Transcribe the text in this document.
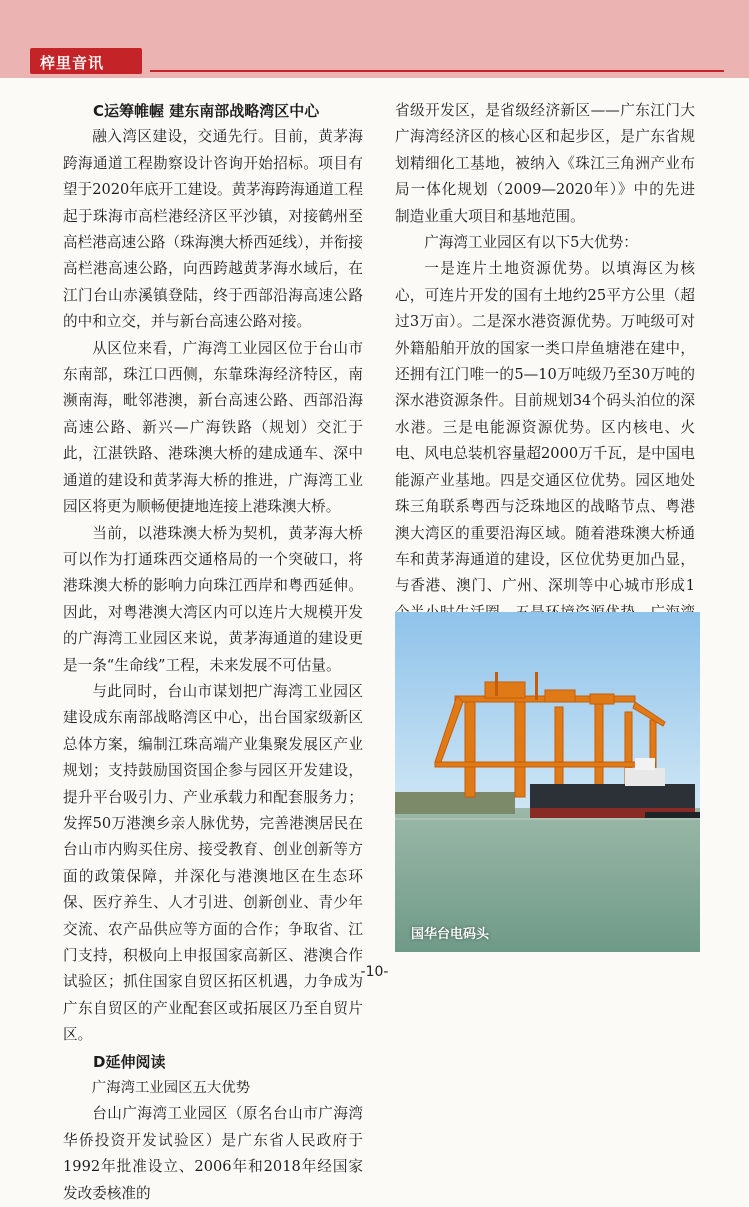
梓里音讯

C运筹帷幄 建东南部战略湾区中心

融入湾区建设，交通先行。目前，黄茅海跨海通道工程勘察设计咨询开始招标。项目有望于2020年底开工建设。黄茅海跨海通道工程起于珠海市高栏港经济区平沙镇，对接鹤州至高栏港高速公路（珠海澳大桥西延线），并衔接高栏港高速公路，向西跨越黄茅海水域后，在江门台山赤溪镇登陆，终于西部沿海高速公路的中和立交，并与新台高速公路对接。

从区位来看，广海湾工业园区位于台山市东南部，珠江口西侧，东靠珠海经济特区，南濒南海，毗邻港澳，新台高速公路、西部沿海高速公路、新兴—广海铁路（规划）交汇于此，江湛铁路、港珠澳大桥的建成通车、深中通道的建设和黄茅海大桥的推进，广海湾工业园区将更为顺畅便捷地连接上港珠澳大桥。

当前，以港珠澳大桥为契机，黄茅海大桥可以作为打通珠西交通格局的一个突破口，将港珠澳大桥的影响力向珠江西岸和粤西延伸。因此，对粤港澳大湾区内可以连片大规模开发的广海湾工业园区来说，黄茅海通道的建设更是一条“生命线”工程，未来发展不可估量。

与此同时，台山市谋划把广海湾工业园区建设成东南部战略湾区中心，出台国家级新区总体方案，编制江珠高端产业集聚发展区产业规划；支持鼓励国资国企参与园区开发建设，提升平台吸引力、产业承载力和配套服务力；发挥50万港澳乡亲人脉优势，完善港澳居民在台山市内购买住房、接受教育、创业创新等方面的政策保障，并深化与港澳地区在生态环保、医疗养生、人才引进、创新创业、青少年交流、农产品供应等方面的合作；争取省、江门支持，积极向上申报国家高新区、港澳合作试验区；抓住国家自贸区拓区机遇，力争成为广东自贸区的产业配套区或拓展区乃至自贸片区。

D延伸阅读

广海湾工业园区五大优势

台山广海湾工业园区（原名台山市广海湾华侨投资开发试验区）是广东省人民政府于1992年批准设立、2006年和2018年经国家发改委核准的

省级开发区，是省级经济新区——广东江门大广海湾经济区的核心区和起步区，是广东省规划精细化工基地，被纳入《珠江三角洲产业布局一体化规划（2009—2020年）》中的先进制造业重大项目和基地范围。

广海湾工业园区有以下5大优势：

一是连片土地资源优势。以填海区为核心，可连片开发的国有土地约25平方公里（超过3万亩）。二是深水港资源优势。万吨级可对外籍船舶开放的国家一类口岸鱼塘港在建中，还拥有江门唯一的5—10万吨级乃至30万吨的深水港资源条件。目前规划34个码头泊位的深水港。三是电能源资源优势。区内核电、火电、风电总装机容量超2000万千瓦，是中国电能源产业基地。四是交通区位优势。园区地处珠三角联系粤西与泛珠地区的战略节点、粤港澳大湾区的重要沿海区域。随着港珠澳大桥通车和黄茅海通道的建设，区位优势更加凸显，与香港、澳门、广州、深圳等中心城市形成1

国华台电码头
-10-
